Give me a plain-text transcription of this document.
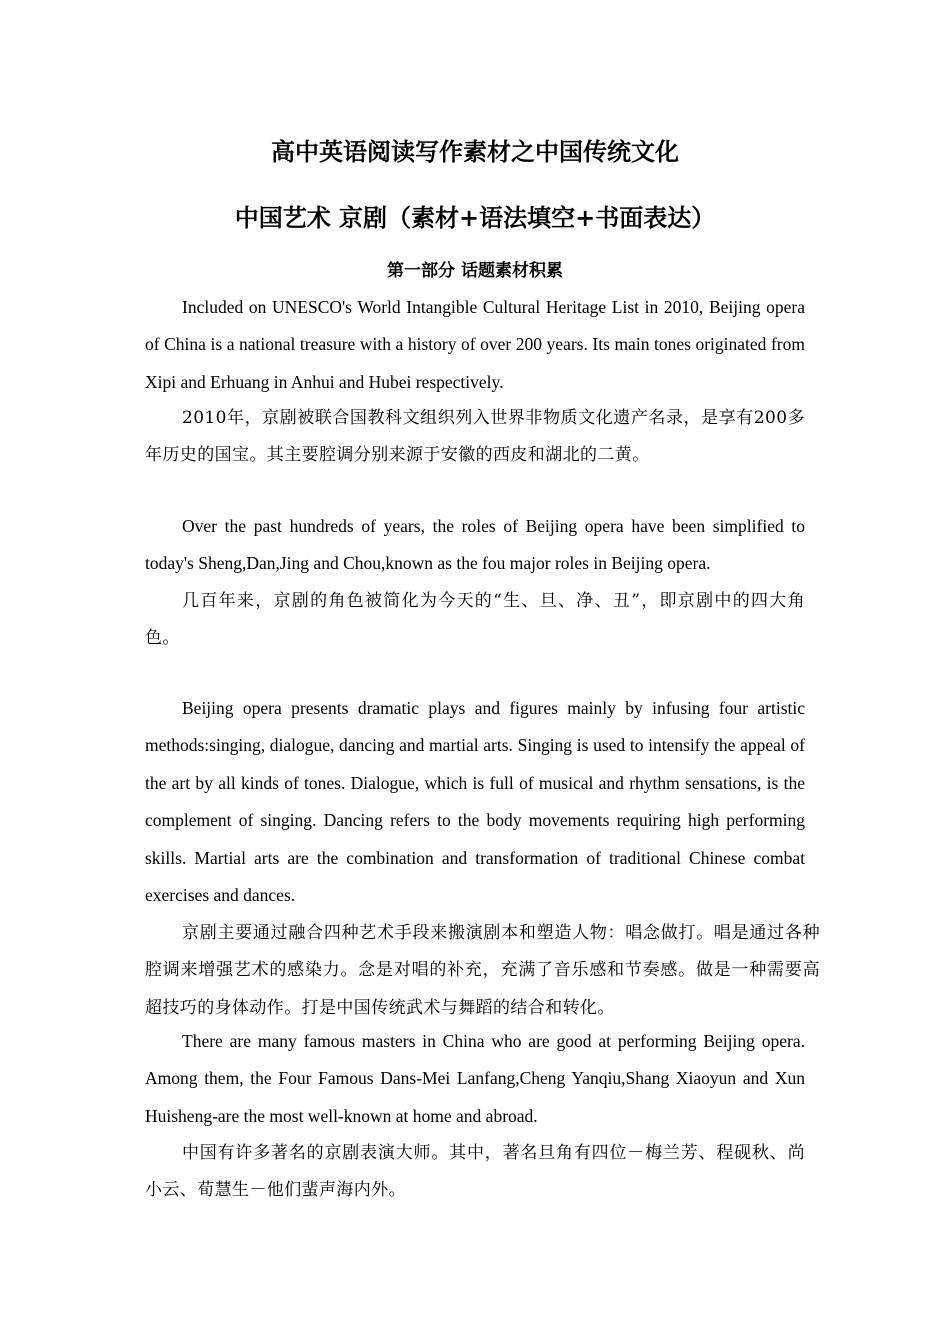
高中英语阅读写作素材之中国传统文化
中国艺术 京剧（素材+语法填空+书面表达）
第一部分 话题素材积累

Included on UNESCO's World Intangible Cultural Heritage List in 2010, Beijing opera of China is a national treasure with a history of over 200 years. Its main tones originated from Xipi and Erhuang in Anhui and Hubei respectively.

2010年，京剧被联合国教科文组织列入世界非物质文化遗产名录，是享有200多年历史的国宝。其主要腔调分别来源于安徽的西皮和湖北的二黄。

Over the past hundreds of years, the roles of Beijing opera have been simplified to today's Sheng,Dan,Jing and Chou,known as the fou major roles in Beijing opera.

几百年来，京剧的角色被简化为今天的“生、旦、净、丑”，即京剧中的四大角色。

Beijing opera presents dramatic plays and figures mainly by infusing four artistic methods:singing, dialogue, dancing and martial arts. Singing is used to intensify the appeal of the art by all kinds of tones. Dialogue, which is full of musical and rhythm sensations, is the complement of singing. Dancing refers to the body movements requiring high performing skills. Martial arts are the combination and transformation of traditional Chinese combat exercises and dances.

京剧主要通过融合四种艺术手段来搬演剧本和塑造人物：唱念做打。唱是通过各种腔调来增强艺术的感染力。念是对唱的补充，充满了音乐感和节奏感。做是一种需要高超技巧的身体动作。打是中国传统武术与舞蹈的结合和转化。

There are many famous masters in China who are good at performing Beijing opera. Among them, the Four Famous Dans-Mei Lanfang,Cheng Yanqiu,Shang Xiaoyun and Xun Huisheng-are the most well-known at home and abroad.

中国有许多著名的京剧表演大师。其中，著名旦角有四位－梅兰芳、程砚秋、尚小云、荀慧生－他们蜚声海内外。
